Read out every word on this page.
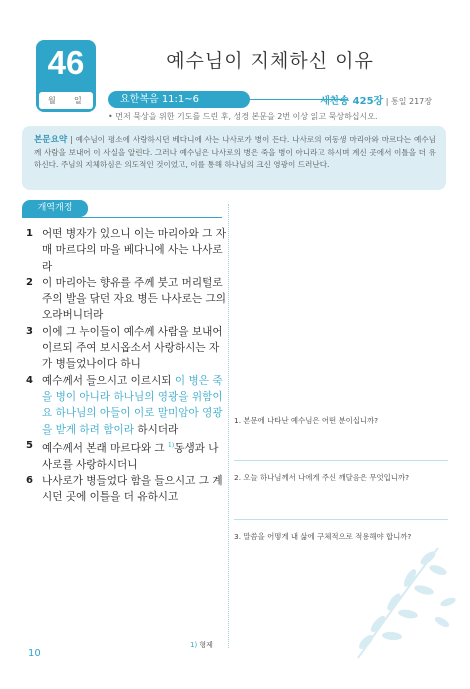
46
월 일
예수님이 지체하신 이유
요한복음 11:1~6	새찬송 425장 | 통일 217장
• 먼저 묵상을 위한 기도를 드린 후, 성경 본문을 2번 이상 읽고 묵상하십시오.
본문요약 | 예수님이 평소에 사랑하시던 베다니에 사는 나사로가 병이 든다. 나사로의 여동생 마리아와 마르다는 예수님께 사람을 보내어 이 사실을 알린다. 그러나 예수님은 나사로의 병은 죽을 병이 아니라고 하시며 계신 곳에서 이틀을 더 유하신다. 주님의 지체하심은 의도적인 것이었고, 이를 통해 하나님의 크신 영광이 드러난다.
개역개정
1 어떤 병자가 있으니 이는 마리아와 그 자매 마르다의 마을 베다니에 사는 나사로라
2 이 마리아는 향유를 주께 붓고 머리털로 주의 발을 닦던 자요 병든 나사로는 그의 오라버니더라
3 이에 그 누이들이 예수께 사람을 보내어 이르되 주여 보시옵소서 사랑하시는 자가 병들었나이다 하니
4 예수께서 들으시고 이르시되 이 병은 죽을 병이 아니라 하나님의 영광을 위함이요 하나님의 아들이 이로 말미암아 영광을 받게 하려 함이라 하시더라
5 예수께서 본래 마르다와 그 $^{1)}$동생과 나사로를 사랑하시더니
6 나사로가 병들었다 함을 들으시고 그 계시던 곳에 이틀을 더 유하시고
1. 본문에 나타난 예수님은 어떤 분이십니까?
2. 오늘 하나님께서 나에게 주신 깨달음은 무엇입니까?
3. 말씀을 어떻게 내 삶에 구체적으로 적용해야 합니까?
1) 형제
10
